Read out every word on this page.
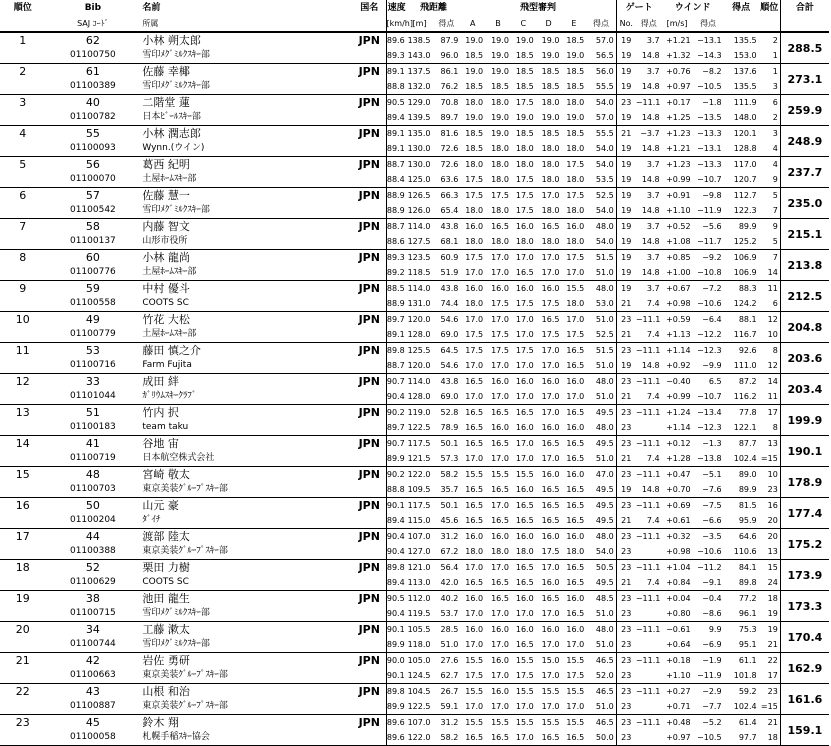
順位	Bib	名前	国名	速度	飛距離		飛型審判						ゲート		ウインド		得点	順位	合計
	SAJ ｺｰﾄﾞ	所属		[km/h]	[m]	得点	A	B	C	D	E	得点	No.	得点	[m/s]	得点			
1	62	小林 朔太郎	JPN	89.6	138.5	87.9	19.0	19.0	19.0	19.0	18.5	57.0	19	3.7	+1.21	−13.1	135.5	2	288.5
	01100750	雪印ﾒｸﾞﾐﾙｸｽｷｰ部		89.3	143.0	96.0	18.5	19.0	18.5	19.0	19.0	56.5	19	14.8	+1.32	−14.3	153.0	1	
2	61	佐藤 幸椰	JPN	89.1	137.5	86.1	19.0	19.0	18.5	18.5	18.5	56.0	19	3.7	+0.76	−8.2	137.6	1	273.1
	01100389	雪印ﾒｸﾞﾐﾙｸｽｷｰ部		88.8	132.0	76.2	18.5	18.5	18.5	18.5	18.5	55.5	19	14.8	+0.97	−10.5	135.5	3	
3	40	二階堂 蓮	JPN	90.5	129.0	70.8	18.0	18.0	17.5	18.0	18.0	54.0	23	−11.1	+0.17	−1.8	111.9	6	259.9
	01100782	日本ﾋﾞｰﾙｽｷｰ部		89.4	139.5	89.7	19.0	19.0	19.0	19.0	19.0	57.0	19	14.8	+1.25	−13.5	148.0	2	
4	55	小林 潤志郎	JPN	89.1	135.0	81.6	18.5	19.0	18.5	18.5	18.5	55.5	21	−3.7	+1.23	−13.3	120.1	3	248.9
	01100093	Wynn.(ウイン)		89.1	130.0	72.6	18.5	18.0	18.0	18.0	18.0	54.0	19	14.8	+1.21	−13.1	128.8	4	
5	56	葛西 紀明	JPN	88.7	130.0	72.6	18.0	18.0	18.0	18.0	17.5	54.0	19	3.7	+1.23	−13.3	117.0	4	237.7
	01100070	土屋ﾎｰﾑｽｷｰ部		88.4	125.0	63.6	17.5	18.0	17.5	18.0	18.0	53.5	19	14.8	+0.99	−10.7	120.7	9	
6	57	佐藤 慧一	JPN	88.9	126.5	66.3	17.5	17.5	17.5	17.0	17.5	52.5	19	3.7	+0.91	−9.8	112.7	5	235.0
	01100542	雪印ﾒｸﾞﾐﾙｸｽｷｰ部		88.9	126.0	65.4	18.0	18.0	17.5	18.0	18.0	54.0	19	14.8	+1.10	−11.9	122.3	7	
7	58	内藤 智文	JPN	88.7	114.0	43.8	16.0	16.5	16.0	16.5	16.0	48.0	19	3.7	+0.52	−5.6	89.9	9	215.1
	01100137	山形市役所		88.6	127.5	68.1	18.0	18.0	18.0	18.0	18.0	54.0	19	14.8	+1.08	−11.7	125.2	5	
8	60	小林 龍尚	JPN	89.3	123.5	60.9	17.5	17.0	17.0	17.0	17.5	51.5	19	3.7	+0.85	−9.2	106.9	7	213.8
	01100776	土屋ﾎｰﾑｽｷｰ部		89.2	118.5	51.9	17.0	17.0	16.5	17.0	17.0	51.0	19	14.8	+1.00	−10.8	106.9	14	
9	59	中村 優斗	JPN	88.5	114.0	43.8	16.0	16.0	16.0	16.0	15.5	48.0	19	3.7	+0.67	−7.2	88.3	11	212.5
	01100558	COOTS SC		88.9	131.0	74.4	18.0	17.5	17.5	17.5	18.0	53.0	21	7.4	+0.98	−10.6	124.2	6	
10	49	竹花 大松	JPN	89.7	120.0	54.6	17.0	17.0	17.0	16.5	17.0	51.0	23	−11.1	+0.59	−6.4	88.1	12	204.8
	01100779	土屋ﾎｰﾑｽｷｰ部		89.1	128.0	69.0	17.5	17.5	17.0	17.5	17.5	52.5	21	7.4	+1.13	−12.2	116.7	10	
11	53	藤田 慎之介	JPN	89.8	125.5	64.5	17.5	17.5	17.5	17.0	16.5	51.5	23	−11.1	+1.14	−12.3	92.6	8	203.6
	01100716	Farm Fujita		88.7	120.0	54.6	17.0	17.0	17.0	17.0	16.5	51.0	19	14.8	+0.92	−9.9	111.0	12	
12	33	成田 絆	JPN	90.7	114.0	43.8	16.5	16.0	16.0	16.0	16.0	48.0	23	−11.1	−0.40	6.5	87.2	14	203.4
	01101044	ｶﾞﾘｳﾑｽｷｰｸﾗﾌﾞ		90.4	128.0	69.0	17.0	17.0	17.0	17.0	17.0	51.0	21	7.4	+0.99	−10.7	116.2	11	
13	51	竹内 択	JPN	90.2	119.0	52.8	16.5	16.5	16.5	17.0	16.5	49.5	23	−11.1	+1.24	−13.4	77.8	17	199.9
	01100183	team taku		89.7	122.5	78.9	16.5	16.0	16.0	16.0	16.0	48.0	23		+1.14	−12.3	122.1	8	
14	41	谷地 宙	JPN	90.7	117.5	50.1	16.5	16.5	17.0	16.5	16.5	49.5	23	−11.1	+0.12	−1.3	87.7	13	190.1
	01100719	日本航空株式会社		89.9	121.5	57.3	17.0	17.0	17.0	17.0	16.5	51.0	21	7.4	+1.28	−13.8	102.4	=15	
15	48	宮崎 敬太	JPN	90.2	122.0	58.2	15.5	15.5	15.5	16.0	16.0	47.0	23	−11.1	+0.47	−5.1	89.0	10	178.9
	01100703	東京美装ｸﾞﾙｰﾌﾟｽｷｰ部		88.8	109.5	35.7	16.5	16.5	16.0	16.5	16.5	49.5	19	14.8	+0.70	−7.6	89.9	23	
16	50	山元 豪	JPN	90.1	117.5	50.1	16.5	17.0	16.5	16.5	16.5	49.5	23	−11.1	+0.69	−7.5	81.5	16	177.4
	01100204	ﾀﾞｲﾁ		89.4	115.0	45.6	16.5	16.5	16.5	16.5	16.5	49.5	21	7.4	+0.61	−6.6	95.9	20	
17	44	渡部 陸太	JPN	90.4	107.0	31.2	16.0	16.0	16.0	16.0	16.0	48.0	23	−11.1	+0.32	−3.5	64.6	20	175.2
	01100388	東京美装ｸﾞﾙｰﾌﾟｽｷｰ部		90.4	127.0	67.2	18.0	18.0	18.0	17.5	18.0	54.0	23		+0.98	−10.6	110.6	13	
18	52	栗田 力樹	JPN	89.8	121.0	56.4	17.0	17.0	16.5	17.0	16.5	50.5	23	−11.1	+1.04	−11.2	84.1	15	173.9
	01100629	COOTS SC		89.4	113.0	42.0	16.5	16.5	16.5	16.0	16.5	49.5	21	7.4	+0.84	−9.1	89.8	24	
19	38	池田 龍生	JPN	90.5	112.0	40.2	16.0	16.5	16.0	16.5	16.0	48.5	23	−11.1	+0.04	−0.4	77.2	18	173.3
	01100715	雪印ﾒｸﾞﾐﾙｸｽｷｰ部		90.4	119.5	53.7	17.0	17.0	17.0	17.0	16.5	51.0	23		+0.80	−8.6	96.1	19	
20	34	工藤 漱太	JPN	90.1	105.5	28.5	16.0	16.0	16.0	16.0	16.0	48.0	23	−11.1	−0.61	9.9	75.3	19	170.4
	01100744	雪印ﾒｸﾞﾐﾙｸｽｷｰ部		89.9	118.0	51.0	17.0	17.0	16.5	17.0	17.0	51.0	23		+0.64	−6.9	95.1	21	
21	42	岩佐 勇研	JPN	90.0	105.0	27.6	15.5	16.0	15.5	15.0	15.5	46.5	23	−11.1	+0.18	−1.9	61.1	22	162.9
	01100663	東京美装ｸﾞﾙｰﾌﾟｽｷｰ部		90.1	124.5	62.7	17.5	17.0	17.5	17.0	17.5	52.0	23		+1.10	−11.9	101.8	17	
22	43	山根 和治	JPN	89.8	104.5	26.7	15.5	16.0	15.5	15.5	15.5	46.5	23	−11.1	+0.27	−2.9	59.2	23	161.6
	01100887	東京美装ｸﾞﾙｰﾌﾟｽｷｰ部		89.9	122.5	59.1	17.0	17.0	17.0	17.0	17.0	51.0	23		+0.71	−7.7	102.4	=15	
23	45	鈴木 翔	JPN	89.6	107.0	31.2	15.5	15.5	15.5	15.5	15.5	46.5	23	−11.1	+0.48	−5.2	61.4	21	159.1
	01100058	札幌手稲ｽｷｰ協会		89.6	122.0	58.2	16.5	16.5	17.0	16.5	16.5	50.0	23		+0.97	−10.5	97.7	18	
